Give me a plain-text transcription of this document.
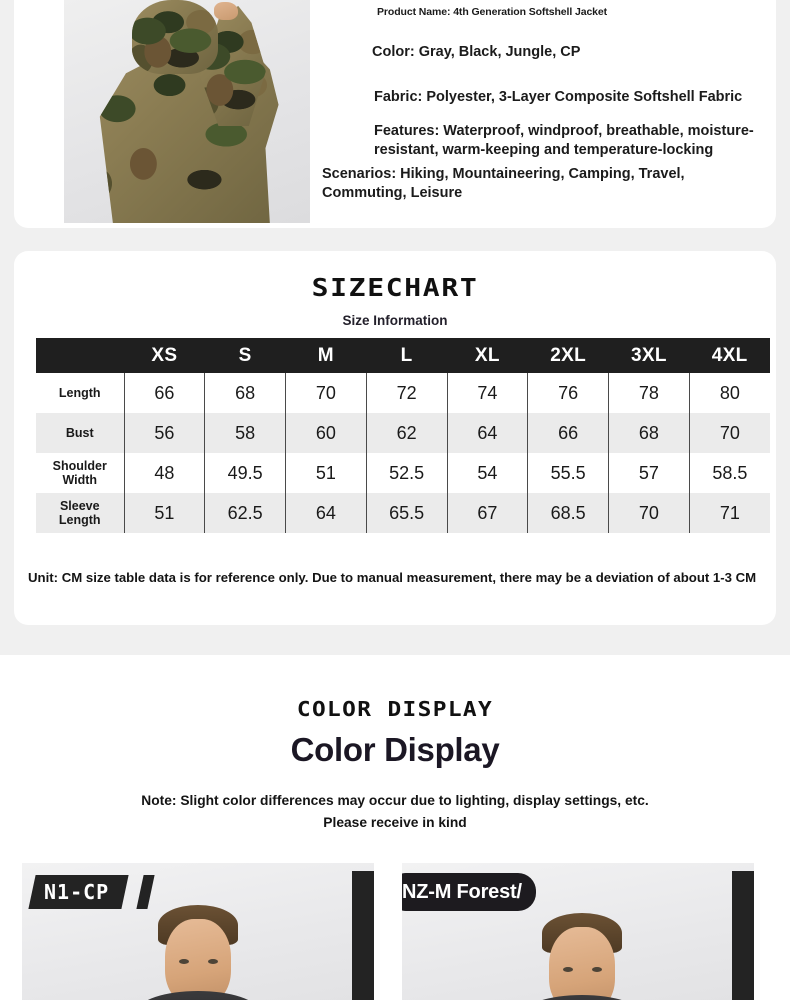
Product Name: 4th Generation Softshell Jacket
Color: Gray, Black, Jungle, CP
Fabric: Polyester, 3-Layer Composite Softshell Fabric
Features: Waterproof, windproof, breathable, moisture-resistant, warm-keeping and temperature-locking
Scenarios: Hiking, Mountaineering, Camping, Travel, Commuting, Leisure
SIZECHART
Size Information
	XS	S	M	L	XL	2XL	3XL	4XL
Length	66	68	70	72	74	76	78	80
Bust	56	58	60	62	64	66	68	70
Shoulder Width	48	49.5	51	52.5	54	55.5	57	58.5
Sleeve Length	51	62.5	64	65.5	67	68.5	70	71
Unit: CM size table data is for reference only. Due to manual measurement, there may be a deviation of about 1-3 CM
COLOR DISPLAY
Color Display
Note: Slight color differences may occur due to lighting, display settings, etc.
Please receive in kind
N1-CP	NZ-M Forest/
